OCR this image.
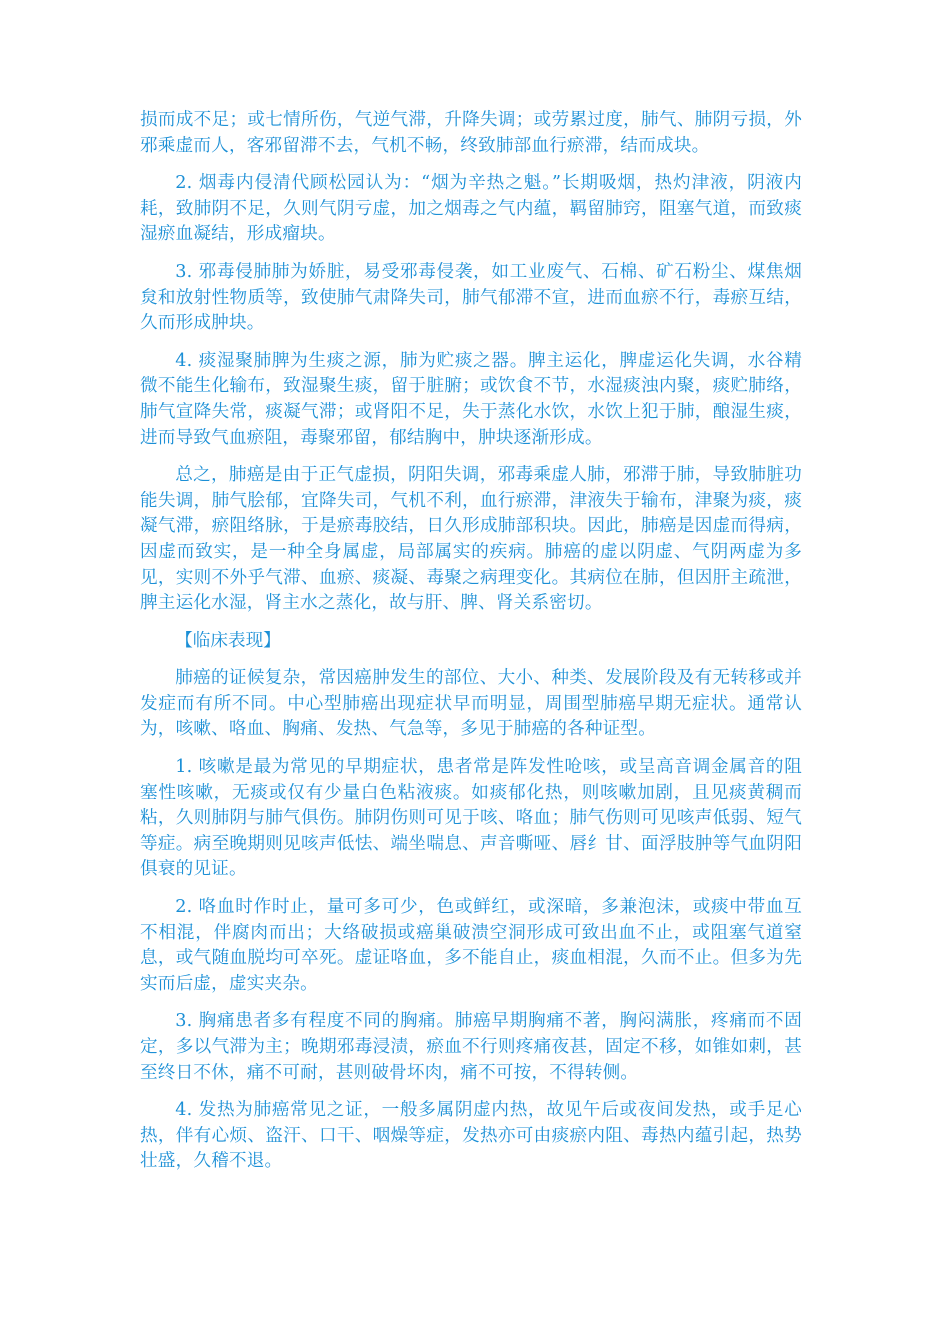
损而成不足；或七情所伤，气逆气滞，升降失调；或劳累过度，肺气、肺阴亏损，外邪乘虚而人，客邪留滞不去，气机不畅，终致肺部血行瘀滞，结而成块。

2. 烟毒内侵清代顾松园认为：“烟为辛热之魁。”长期吸烟，热灼津液，阴液内耗，致肺阴不足，久则气阴亏虚，加之烟毒之气内蕴，羁留肺窍，阻塞气道，而致痰湿瘀血凝结，形成瘤块。

3. 邪毒侵肺肺为娇脏，易受邪毒侵袭，如工业废气、石棉、矿石粉尘、煤焦烟炱和放射性物质等，致使肺气肃降失司，肺气郁滞不宣，进而血瘀不行，毒瘀互结，久而形成肿块。

4. 痰湿聚肺脾为生痰之源，肺为贮痰之器。脾主运化，脾虚运化失调，水谷精微不能生化输布，致湿聚生痰，留于脏腑；或饮食不节，水湿痰浊内聚，痰贮肺络，肺气宣降失常，痰凝气滞；或肾阳不足，失于蒸化水饮，水饮上犯于肺，酿湿生痰，进而导致气血瘀阻，毒聚邪留，郁结胸中，肿块逐渐形成。

总之，肺癌是由于正气虚损，阴阳失调，邪毒乘虚人肺，邪滞于肺，导致肺脏功能失调，肺气脍郁，宜降失司，气机不利，血行瘀滞，津液失于输布，津聚为痰，痰凝气滞，瘀阻络脉，于是瘀毒胶结，日久形成肺部积块。因此，肺癌是因虚而得病，因虚而致实，是一种全身属虚，局部属实的疾病。肺癌的虚以阴虚、气阴两虚为多见，实则不外乎气滞、血瘀、痰凝、毒聚之病理变化。其病位在肺，但因肝主疏泄，脾主运化水湿，肾主水之蒸化，故与肝、脾、肾关系密切。

【临床表现】

肺癌的证候复杂，常因癌肿发生的部位、大小、种类、发展阶段及有无转移或并发症而有所不同。中心型肺癌出现症状早而明显，周围型肺癌早期无症状。通常认为，咳嗽、咯血、胸痛、发热、气急等，多见于肺癌的各种证型。

1. 咳嗽是最为常见的早期症状，患者常是阵发性呛咳，或呈高音调金属音的阻塞性咳嗽，无痰或仅有少量白色粘液痰。如痰郁化热，则咳嗽加剧，且见痰黄稠而粘，久则肺阴与肺气俱伤。肺阴伤则可见于咳、咯血；肺气伤则可见咳声低弱、短气等症。病至晚期则见咳声低怯、端坐喘息、声音嘶哑、唇纟甘、面浮肢肿等气血阴阳俱衰的见证。

2. 咯血时作时止，量可多可少，色或鲜红，或深暗，多兼泡沫，或痰中带血互不相混，伴腐肉而出；大络破损或癌巢破溃空洞形成可致出血不止，或阻塞气道窒息，或气随血脱均可卒死。虚证咯血，多不能自止，痰血相混，久而不止。但多为先实而后虚，虚实夹杂。

3. 胸痛患者多有程度不同的胸痛。肺癌早期胸痛不著，胸闷满胀，疼痛而不固定，多以气滞为主；晚期邪毒浸渍，瘀血不行则疼痛夜甚，固定不移，如锥如刺，甚至终日不休，痛不可耐，甚则破骨坏肉，痛不可按，不得转侧。

4. 发热为肺癌常见之证，一般多属阴虚内热，故见午后或夜间发热，或手足心热，伴有心烦、盗汗、口干、咽燥等症，发热亦可由痰瘀内阻、毒热内蕴引起，热势壮盛，久稽不退。
